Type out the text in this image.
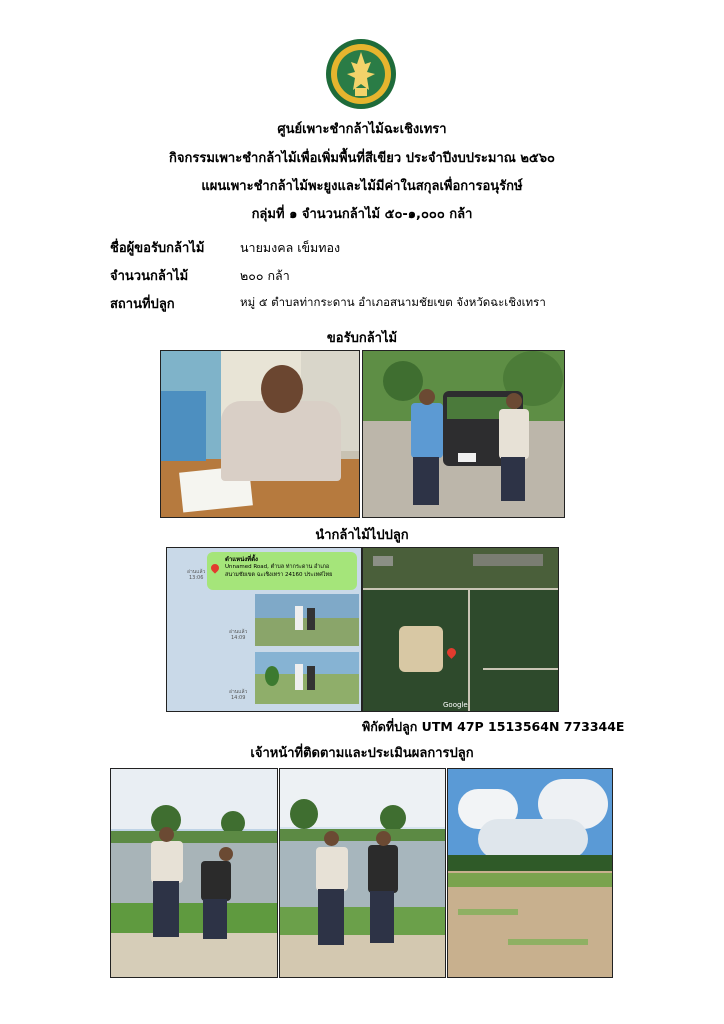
ศูนย์เพาะชำกล้าไม้ฉะเชิงเทรา
กิจกรรมเพาะชำกล้าไม้เพื่อเพิ่มพื้นที่สีเขียว ประจำปีงบประมาณ ๒๕๖๐
แผนเพาะชำกล้าไม้พะยูงและไม้มีค่าในสกุลเพื่อการอนุรักษ์
กลุ่มที่ ๑ จำนวนกล้าไม้ ๕๐-๑,๐๐๐ กล้า
ชื่อผู้ขอรับกล้าไม้	นายมงคล เข็มทอง
จำนวนกล้าไม้	๒๐๐ กล้า
สถานที่ปลูก	หมู่ ๕ ตำบลท่ากระดาน อำเภอสนามชัยเขต จังหวัดฉะเชิงเทรา
ขอรับกล้าไม้
นำกล้าไม้ไปปลูก
ตำแหน่งที่ตั้ง
Unnamed Road, ตำบล ท่ากระดาน อำเภอ สนามชัยเขต ฉะเชิงเทรา 24160 ประเทศไทย
อ่านแล้ว
13:06
อ่านแล้ว
14:09
อ่านแล้ว
14:09
Google
พิกัดที่ปลูก UTM 47P 1513564N 773344E
เจ้าหน้าที่ติดตามและประเมินผลการปลูก
